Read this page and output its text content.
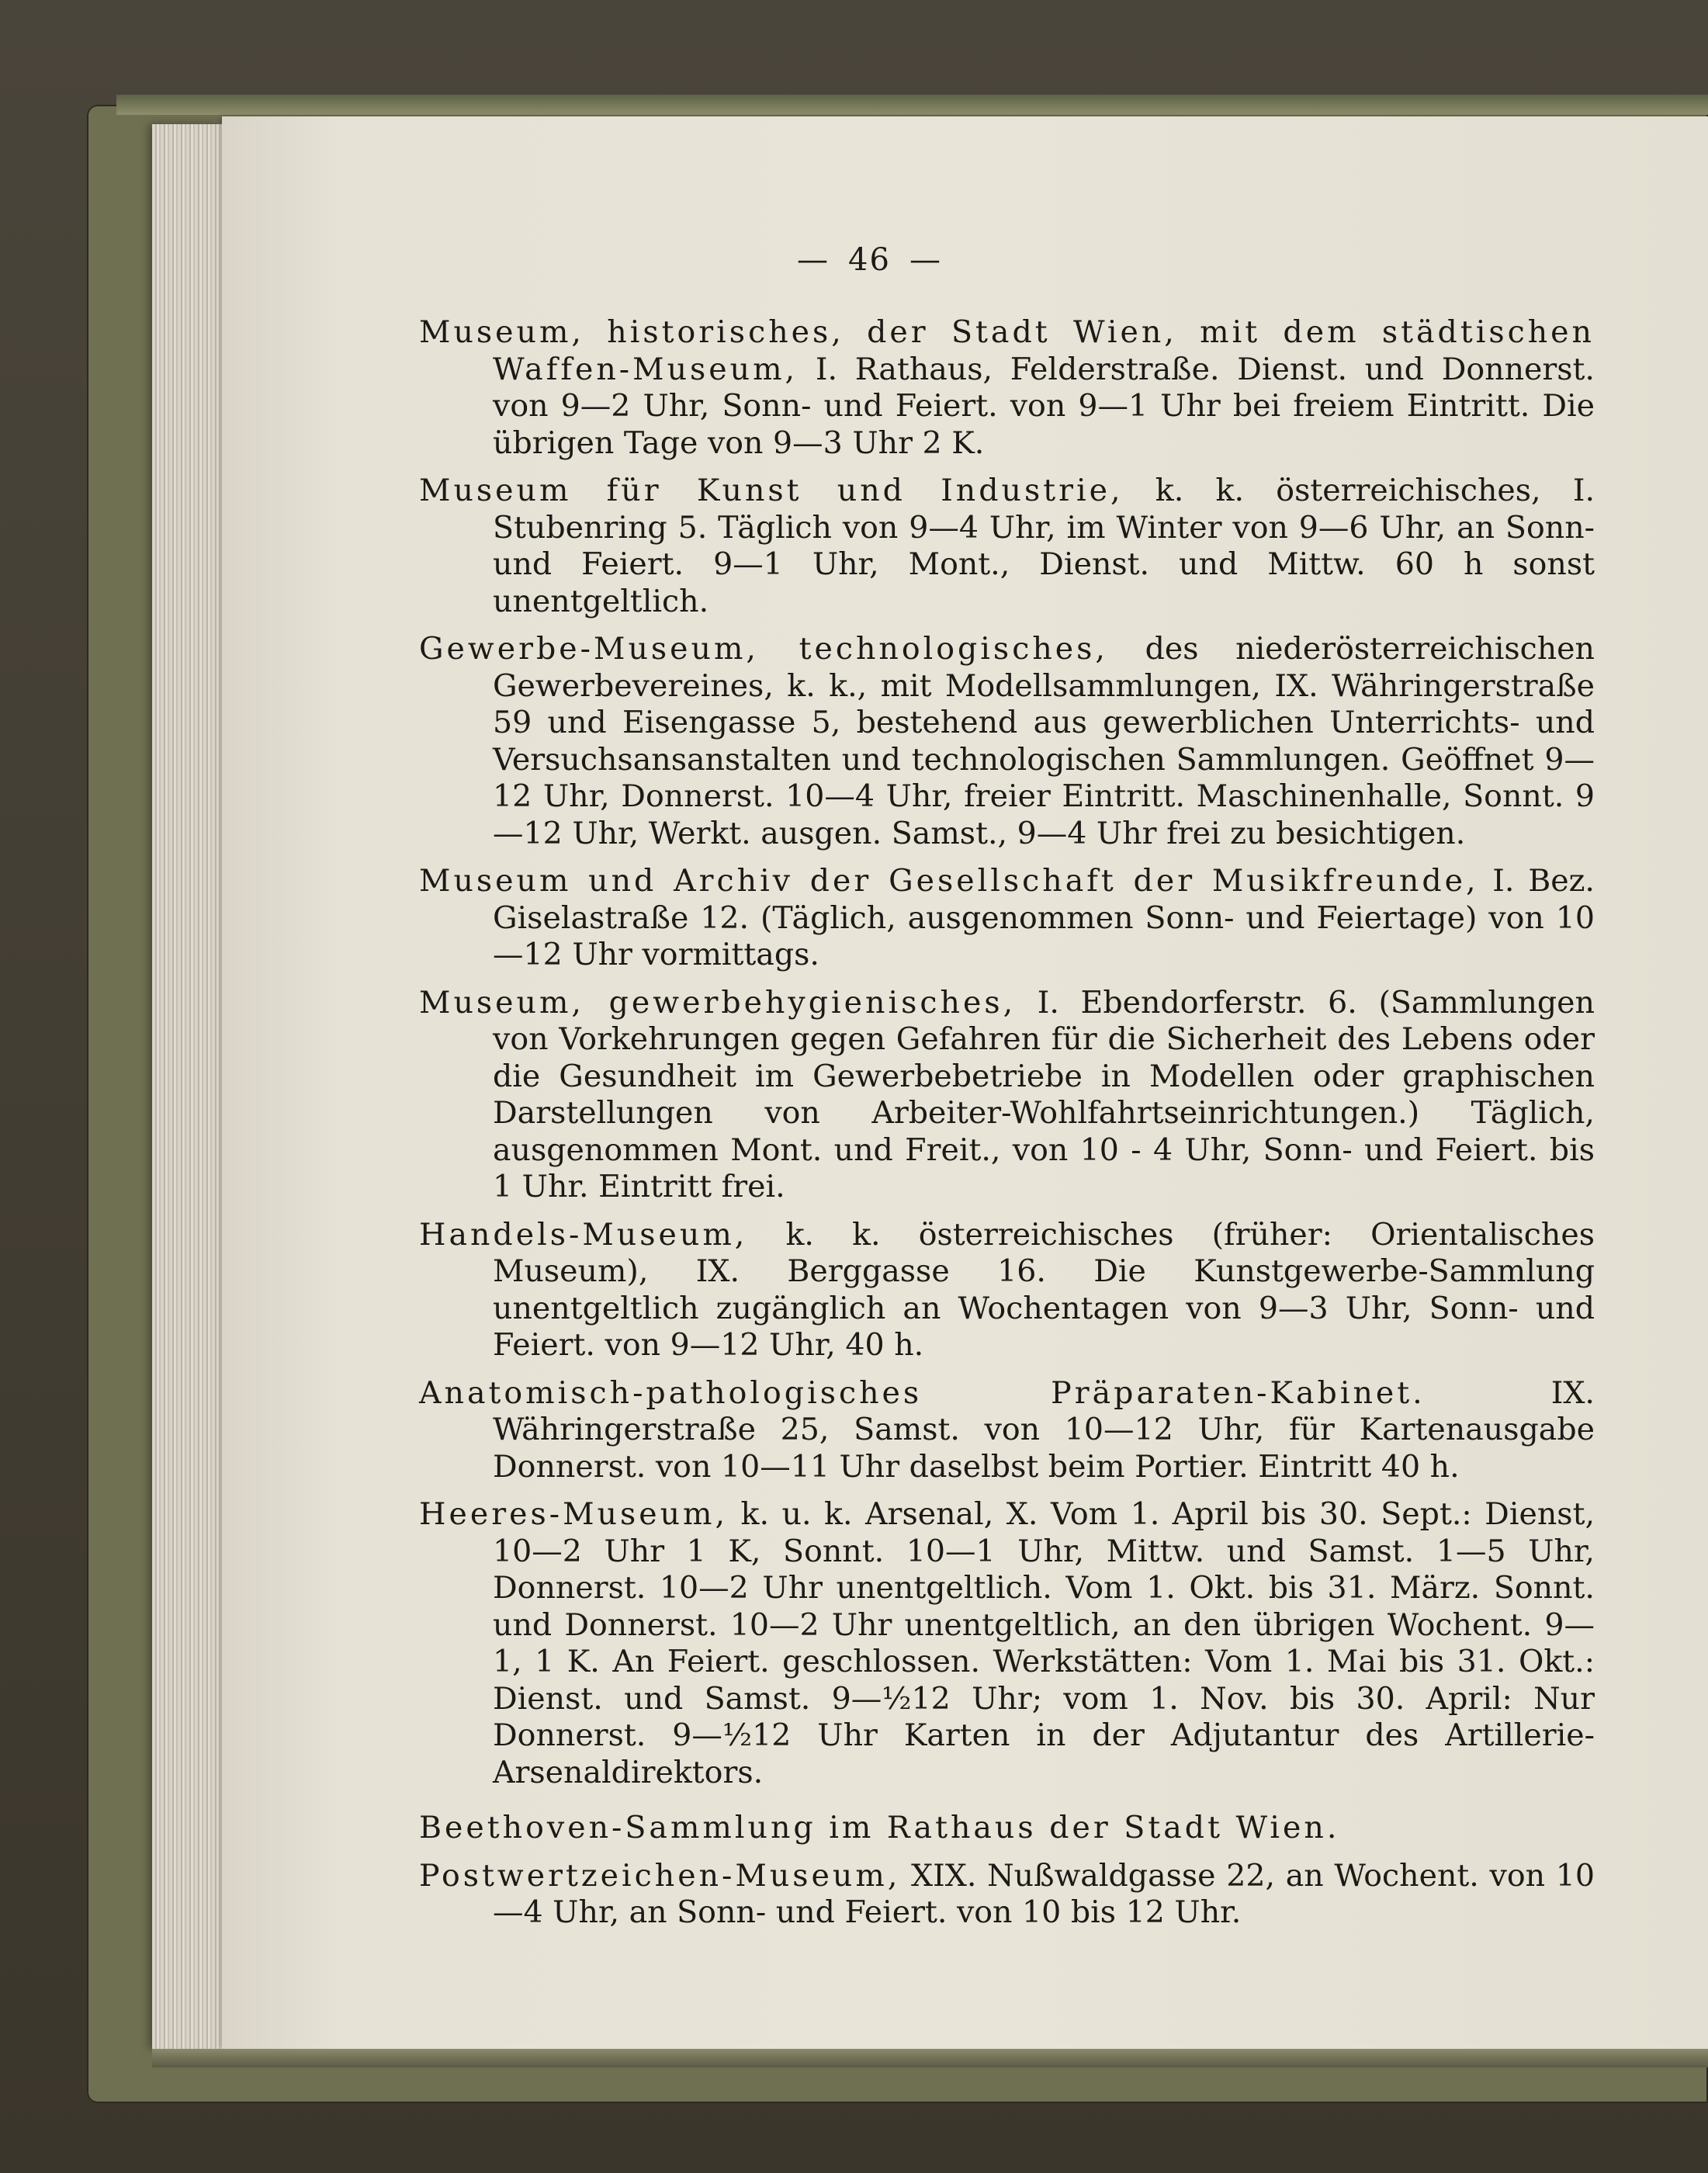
— 46 —

Museum, historisches, der Stadt Wien, mit dem städtischen Waffen-Museum, I. Rathaus, Felderstraße. Dienst. und Donnerst. von 9—2 Uhr, Sonn- und Feiert. von 9—1 Uhr bei freiem Eintritt. Die übrigen Tage von 9—3 Uhr 2 K.

Museum für Kunst und Industrie, k. k. österreichisches, I. Stubenring 5. Täglich von 9—4 Uhr, im Winter von 9—6 Uhr, an Sonn- und Feiert. 9—1 Uhr, Mont., Dienst. und Mittw. 60 h sonst unentgeltlich.

Gewerbe-Museum, technologisches, des niederösterreichischen Gewerbevereines, k. k., mit Modellsammlungen, IX. Währingerstraße 59 und Eisengasse 5, bestehend aus gewerblichen Unterrichts- und Versuchsansanstalten und technologischen Sammlungen. Geöffnet 9—12 Uhr, Donnerst. 10—4 Uhr, freier Eintritt. Maschinenhalle, Sonnt. 9—12 Uhr, Werkt. ausgen. Samst., 9—4 Uhr frei zu besichtigen.

Museum und Archiv der Gesellschaft der Musikfreunde, I. Bez. Giselastraße 12. (Täglich, ausgenommen Sonn- und Feiertage) von 10—12 Uhr vormittags.

Museum, gewerbehygienisches, I. Ebendorferstr. 6. (Sammlungen von Vorkehrungen gegen Gefahren für die Sicherheit des Lebens oder die Gesundheit im Gewerbebetriebe in Modellen oder graphischen Darstellungen von Arbeiter-Wohlfahrtseinrichtungen.) Täglich, ausgenommen Mont. und Freit., von 10 - 4 Uhr, Sonn- und Feiert. bis 1 Uhr. Eintritt frei.

Handels-Museum, k. k. österreichisches (früher: Orientalisches Museum), IX. Berggasse 16. Die Kunstgewerbe-Sammlung unentgeltlich zugänglich an Wochentagen von 9—3 Uhr, Sonn- und Feiert. von 9—12 Uhr, 40 h.

Anatomisch-pathologisches Präparaten-Kabinet. IX. Währingerstraße 25, Samst. von 10—12 Uhr, für Kartenausgabe Donnerst. von 10—11 Uhr daselbst beim Portier. Eintritt 40 h.

Heeres-Museum, k. u. k. Arsenal, X. Vom 1. April bis 30. Sept.: Dienst, 10—2 Uhr 1 K, Sonnt. 10—1 Uhr, Mittw. und Samst. 1—5 Uhr, Donnerst. 10—2 Uhr unentgeltlich. Vom 1. Okt. bis 31. März. Sonnt. und Donnerst. 10—2 Uhr unentgeltlich, an den übrigen Wochent. 9—1, 1 K. An Feiert. geschlossen. Werkstätten: Vom 1. Mai bis 31. Okt.: Dienst. und Samst. 9—½12 Uhr; vom 1. Nov. bis 30. April: Nur Donnerst. 9—½12 Uhr Karten in der Adjutantur des Artillerie-Arsenaldirektors.

Beethoven-Sammlung im Rathaus der Stadt Wien.

Postwertzeichen-Museum, XIX. Nußwaldgasse 22, an Wochent. von 10—4 Uhr, an Sonn- und Feiert. von 10 bis 12 Uhr.
